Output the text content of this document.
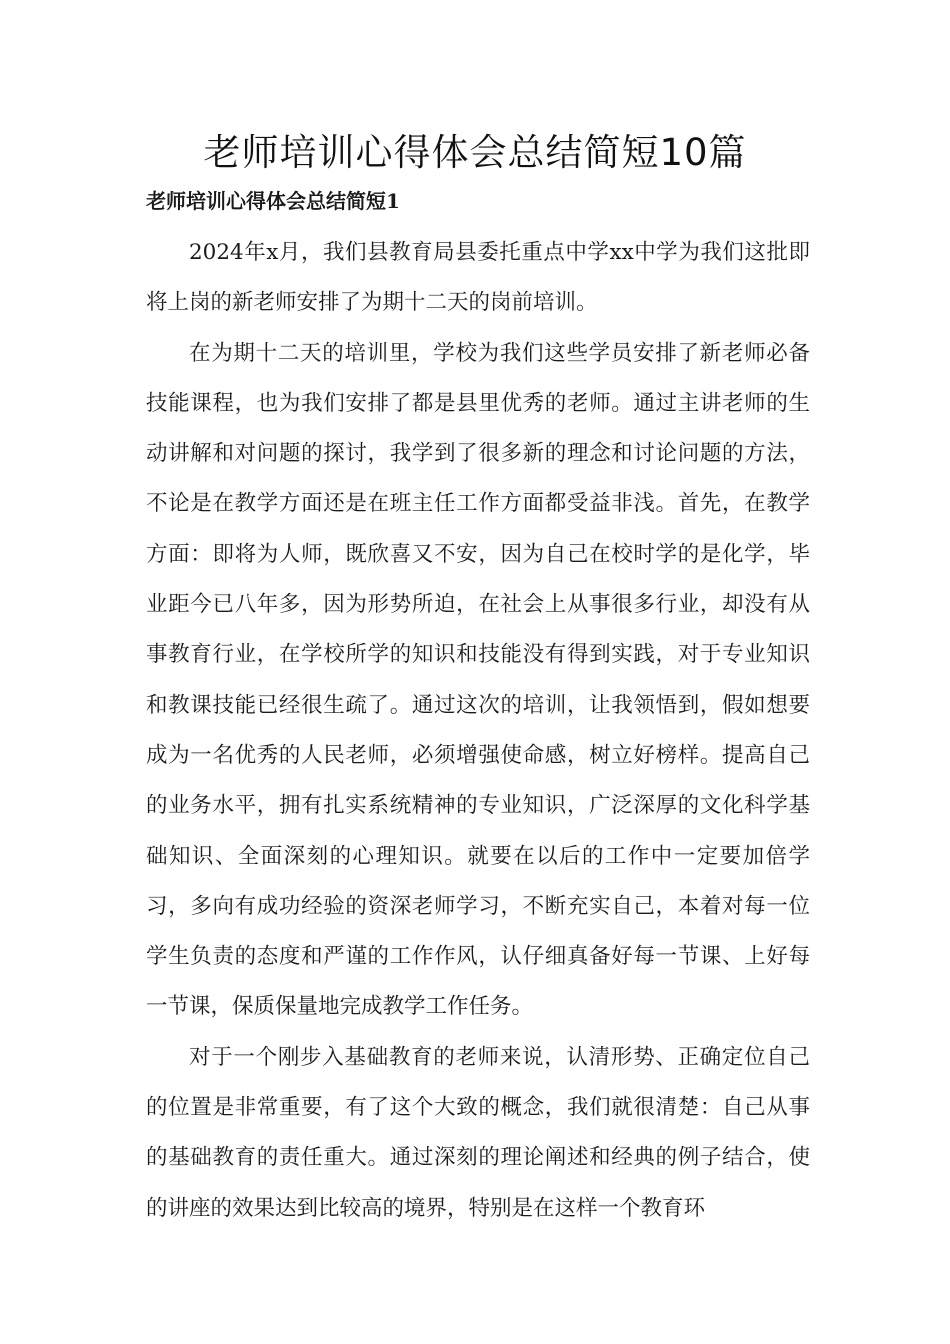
老师培训心得体会总结简短10篇
老师培训心得体会总结简短1

2024年x月，我们县教育局县委托重点中学xx中学为我们这批即将上岗的新老师安排了为期十二天的岗前培训。

在为期十二天的培训里，学校为我们这些学员安排了新老师必备技能课程，也为我们安排了都是县里优秀的老师。通过主讲老师的生动讲解和对问题的探讨，我学到了很多新的理念和讨论问题的方法，不论是在教学方面还是在班主任工作方面都受益非浅。首先，在教学方面：即将为人师，既欣喜又不安，因为自己在校时学的是化学，毕业距今已八年多，因为形势所迫，在社会上从事很多行业，却没有从事教育行业，在学校所学的知识和技能没有得到实践，对于专业知识和教课技能已经很生疏了。通过这次的培训，让我领悟到，假如想要成为一名优秀的人民老师，必须增强使命感，树立好榜样。提高自己的业务水平，拥有扎实系统精神的专业知识，广泛深厚的文化科学基础知识、全面深刻的心理知识。就要在以后的工作中一定要加倍学习，多向有成功经验的资深老师学习，不断充实自己，本着对每一位学生负责的态度和严谨的工作作风，认仔细真备好每一节课、上好每一节课，保质保量地完成教学工作任务。

对于一个刚步入基础教育的老师来说，认清形势、正确定位自己的位置是非常重要，有了这个大致的概念，我们就很清楚：自己从事的基础教育的责任重大。通过深刻的理论阐述和经典的例子结合，使的讲座的效果达到比较高的境界，特别是在这样一个教育环
